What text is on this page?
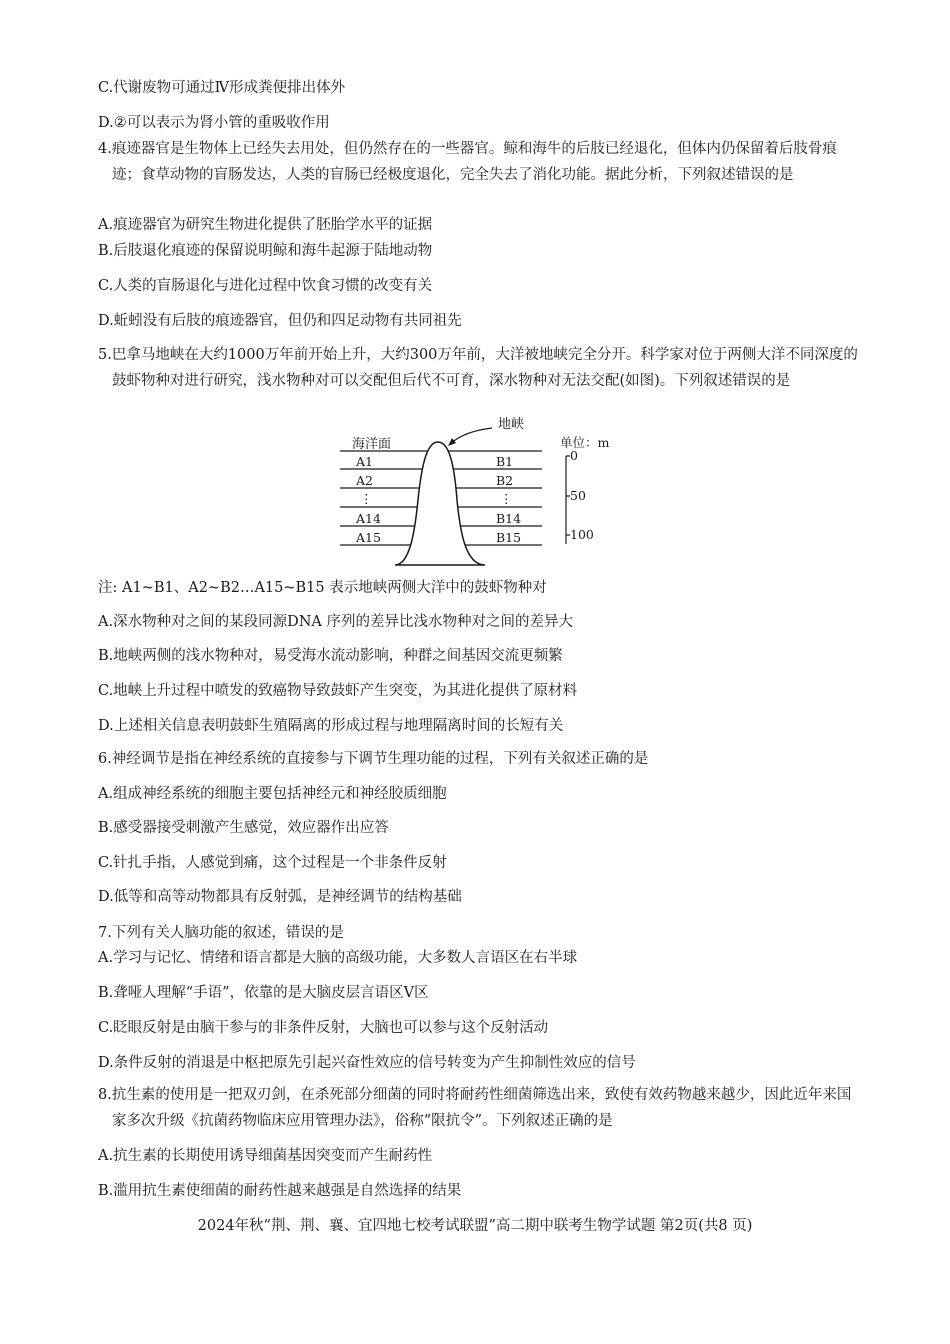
C.代谢废物可通过Ⅳ形成粪便排出体外
D.②可以表示为肾小管的重吸收作用
4.痕迹器官是生物体上已经失去用处，但仍然存在的一些器官。鲸和海牛的后肢已经退化，但体内仍保留着后肢骨痕迹；食草动物的盲肠发达，人类的盲肠已经极度退化，完全失去了消化功能。据此分析，下列叙述错误的是
A.痕迹器官为研究生物进化提供了胚胎学水平的证据
B.后肢退化痕迹的保留说明鲸和海牛起源于陆地动物
C.人类的盲肠退化与进化过程中饮食习惯的改变有关
D.蚯蚓没有后肢的痕迹器官，但仍和四足动物有共同祖先
5.巴拿马地峡在大约1000万年前开始上升，大约300万年前，大洋被地峡完全分开。科学家对位于两侧大洋不同深度的鼓虾物种对进行研究，浅水物种对可以交配但后代不可育，深水物种对无法交配(如图)。下列叙述错误的是
地峡
海洋面
A1
A2
⋮
A14
A15
B1
B2
⋮
B14
B15
单位：m
0
50
100
注: A1~B1、A2~B2…A15~B15 表示地峡两侧大洋中的鼓虾物种对
A.深水物种对之间的某段同源DNA 序列的差异比浅水物种对之间的差异大
B.地峡两侧的浅水物种对，易受海水流动影响，种群之间基因交流更频繁
C.地峡上升过程中喷发的致癌物导致鼓虾产生突变，为其进化提供了原材料
D.上述相关信息表明鼓虾生殖隔离的形成过程与地理隔离时间的长短有关
6.神经调节是指在神经系统的直接参与下调节生理功能的过程，下列有关叙述正确的是
A.组成神经系统的细胞主要包括神经元和神经胶质细胞
B.感受器接受刺激产生感觉，效应器作出应答
C.针扎手指，人感觉到痛，这个过程是一个非条件反射
D.低等和高等动物都具有反射弧，是神经调节的结构基础
7.下列有关人脑功能的叙述，错误的是
A.学习与记忆、情绪和语言都是大脑的高级功能，大多数人言语区在右半球
B.聋哑人理解“手语”，依靠的是大脑皮层言语区Ⅴ区
C.眨眼反射是由脑干参与的非条件反射，大脑也可以参与这个反射活动
D.条件反射的消退是中枢把原先引起兴奋性效应的信号转变为产生抑制性效应的信号
8.抗生素的使用是一把双刃剑，在杀死部分细菌的同时将耐药性细菌筛选出来，致使有效药物越来越少，因此近年来国家多次升级《抗菌药物临床应用管理办法》，俗称“限抗令”。下列叙述正确的是
A.抗生素的长期使用诱导细菌基因突变而产生耐药性
B.滥用抗生素使细菌的耐药性越来越强是自然选择的结果
2024年秋“荆、荆、襄、宜四地七校考试联盟”高二期中联考生物学试题 第2页(共8 页)
